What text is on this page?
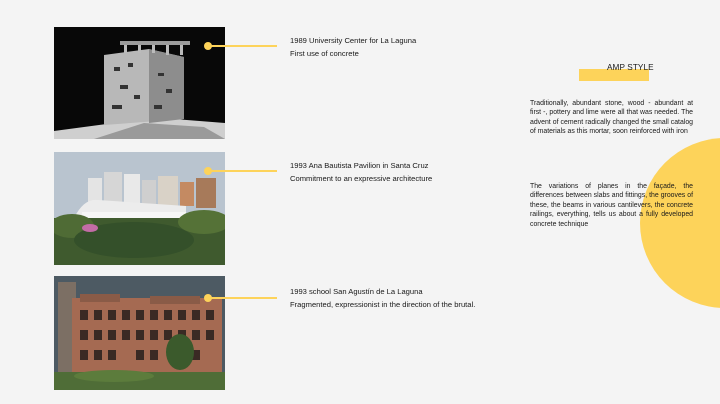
1989 University Center for La Laguna
First use of concrete
1993 Ana Bautista Pavilion in Santa Cruz
Commitment to an expressive architecture
1993 school San Agustín de La Laguna
Fragmented, expressionist in the direction of the brutal.
AMP STYLE
Traditionally, abundant stone, wood - abundant at first -, pottery and lime were all that was needed. The advent of cement radically changed the small catalog of materials as this mortar, soon reinforced with iron
The variations of planes in the façade, the differences between slabs and fittings, the grooves of these, the beams in various cantilevers, the concrete railings, everything, tells us about a fully developed concrete technique
